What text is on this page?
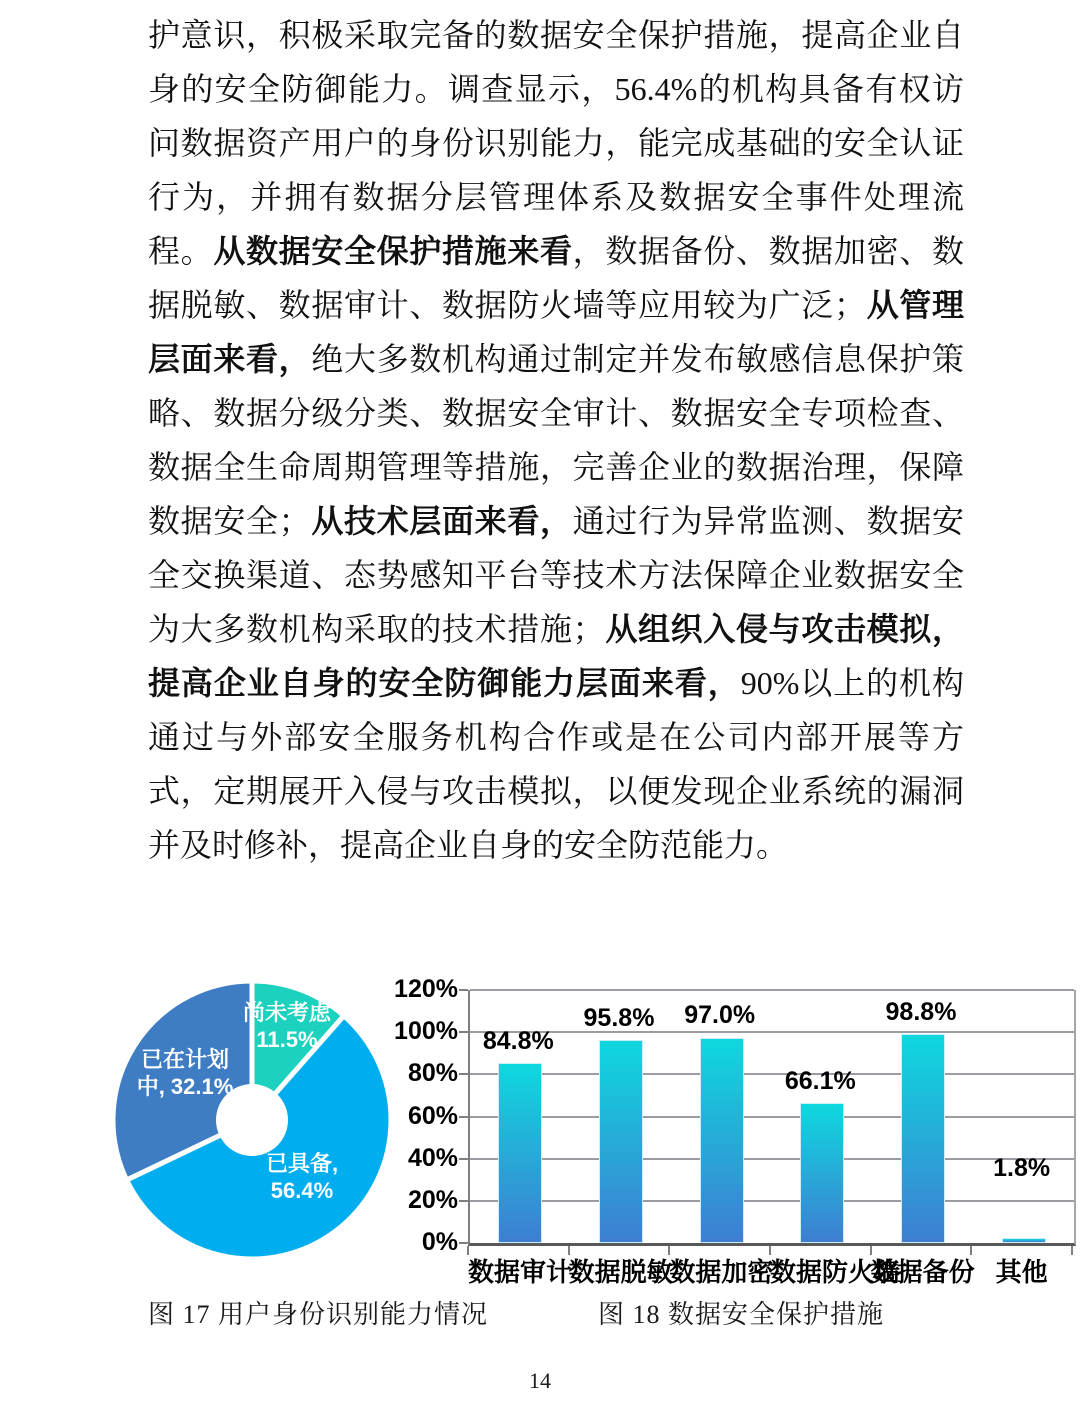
护意识，积极采取完备的数据安全保护措施，提高企业自身的安全防御能力。调查显示，56.4%的机构具备有权访问数据资产用户的身份识别能力，能完成基础的安全认证行为，并拥有数据分层管理体系及数据安全事件处理流程。从数据安全保护措施来看，数据备份、数据加密、数据脱敏、数据审计、数据防火墙等应用较为广泛；从管理层面来看，绝大多数机构通过制定并发布敏感信息保护策略、数据分级分类、数据安全审计、数据安全专项检查、数据全生命周期管理等措施，完善企业的数据治理，保障数据安全；从技术层面来看，通过行为异常监测、数据安全交换渠道、态势感知平台等技术方法保障企业数据安全为大多数机构采取的技术措施；从组织入侵与攻击模拟，提高企业自身的安全防御能力层面来看，90%以上的机构通过与外部安全服务机构合作或是在公司内部开展等方式，定期展开入侵与攻击模拟，以便发现企业系统的漏洞并及时修补，提高企业自身的安全防范能力。

尚未考虑
11.5%
已在计划
中, 32.1%
已具备,
56.4%
0%
20%
40%
60%
80%
100%
120%
84.8%
数据审计
95.8%
数据脱敏
97.0%
数据加密
66.1%
数据防火墙
98.8%
数据备份
1.8%
其他
图 17 用户身份识别能力情况	图 18 数据安全保护措施
14
